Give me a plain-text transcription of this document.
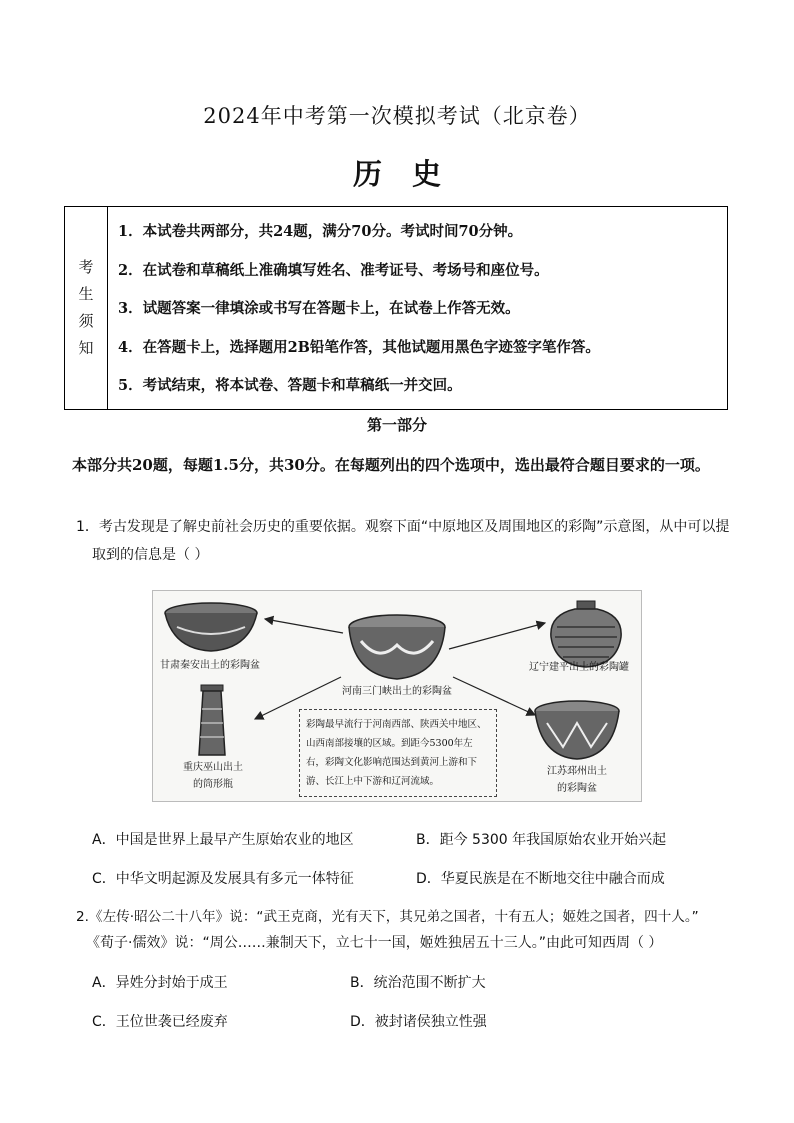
2024年中考第一次模拟考试（北京卷）
历史
考
生
须
知
1．本试卷共两部分，共24题，满分70分。考试时间70分钟。
2．在试卷和草稿纸上准确填写姓名、准考证号、考场号和座位号。
3．试题答案一律填涂或书写在答题卡上，在试卷上作答无效。
4．在答题卡上，选择题用2B铅笔作答，其他试题用黑色字迹签字笔作答。
5．考试结束，将本试卷、答题卡和草稿纸一并交回。
第一部分
本部分共20题，每题1.5分，共30分。在每题列出的四个选项中，选出最符合题目要求的一项。
1．考古发现是了解史前社会历史的重要依据。观察下面“中原地区及周围地区的彩陶”示意图，从中可以提
取到的信息是（ ）
甘肃秦安出土的彩陶盆
河南三门峡出土的彩陶盆
辽宁建平出土的彩陶罐
重庆巫山出土
的筒形瓶
江苏邳州出土
的彩陶盆
彩陶最早流行于河南西部、陕西关中地区、山西南部接壤的区域。到距今5300年左右，彩陶文化影响范围达到黄河上游和下游、长江上中下游和辽河流域。
A．中国是世界上最早产生原始农业的地区	B．距今 5300 年我国原始农业开始兴起
C．中华文明起源及发展具有多元一体特征	D．华夏民族是在不断地交往中融合而成
2.《左传·昭公二十八年》说：“武王克商，光有天下，其兄弟之国者，十有五人；姬姓之国者，四十人。”
《荀子·儒效》说：“周公……兼制天下，立七十一国，姬姓独居五十三人。”由此可知西周（ ）
A．异姓分封始于成王	B．统治范围不断扩大
C．王位世袭已经废弃	D．被封诸侯独立性强
